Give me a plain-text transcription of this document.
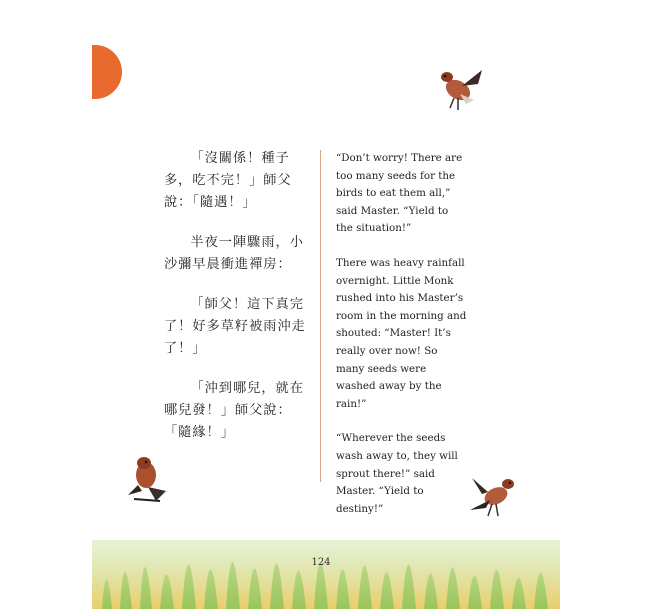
「沒關係！種子多，吃不完！」師父說：「隨遇！」

半夜一陣驟雨，小沙彌早晨衝進禪房：

「師父！這下真完了！好多草籽被雨沖走了！」

「沖到哪兒，就在哪兒發！」師父說：「隨緣！」

“Don’t worry! There are too many seeds for the birds to eat them all,” said Master. “Yield to the situation!”

There was heavy rainfall overnight. Little Monk rushed into his Master’s room in the morning and shouted: “Master! It’s really over now! So many seeds were washed away by the rain!”

“Wherever the seeds wash away to, they will sprout there!” said Master. “Yield to destiny!”

124
